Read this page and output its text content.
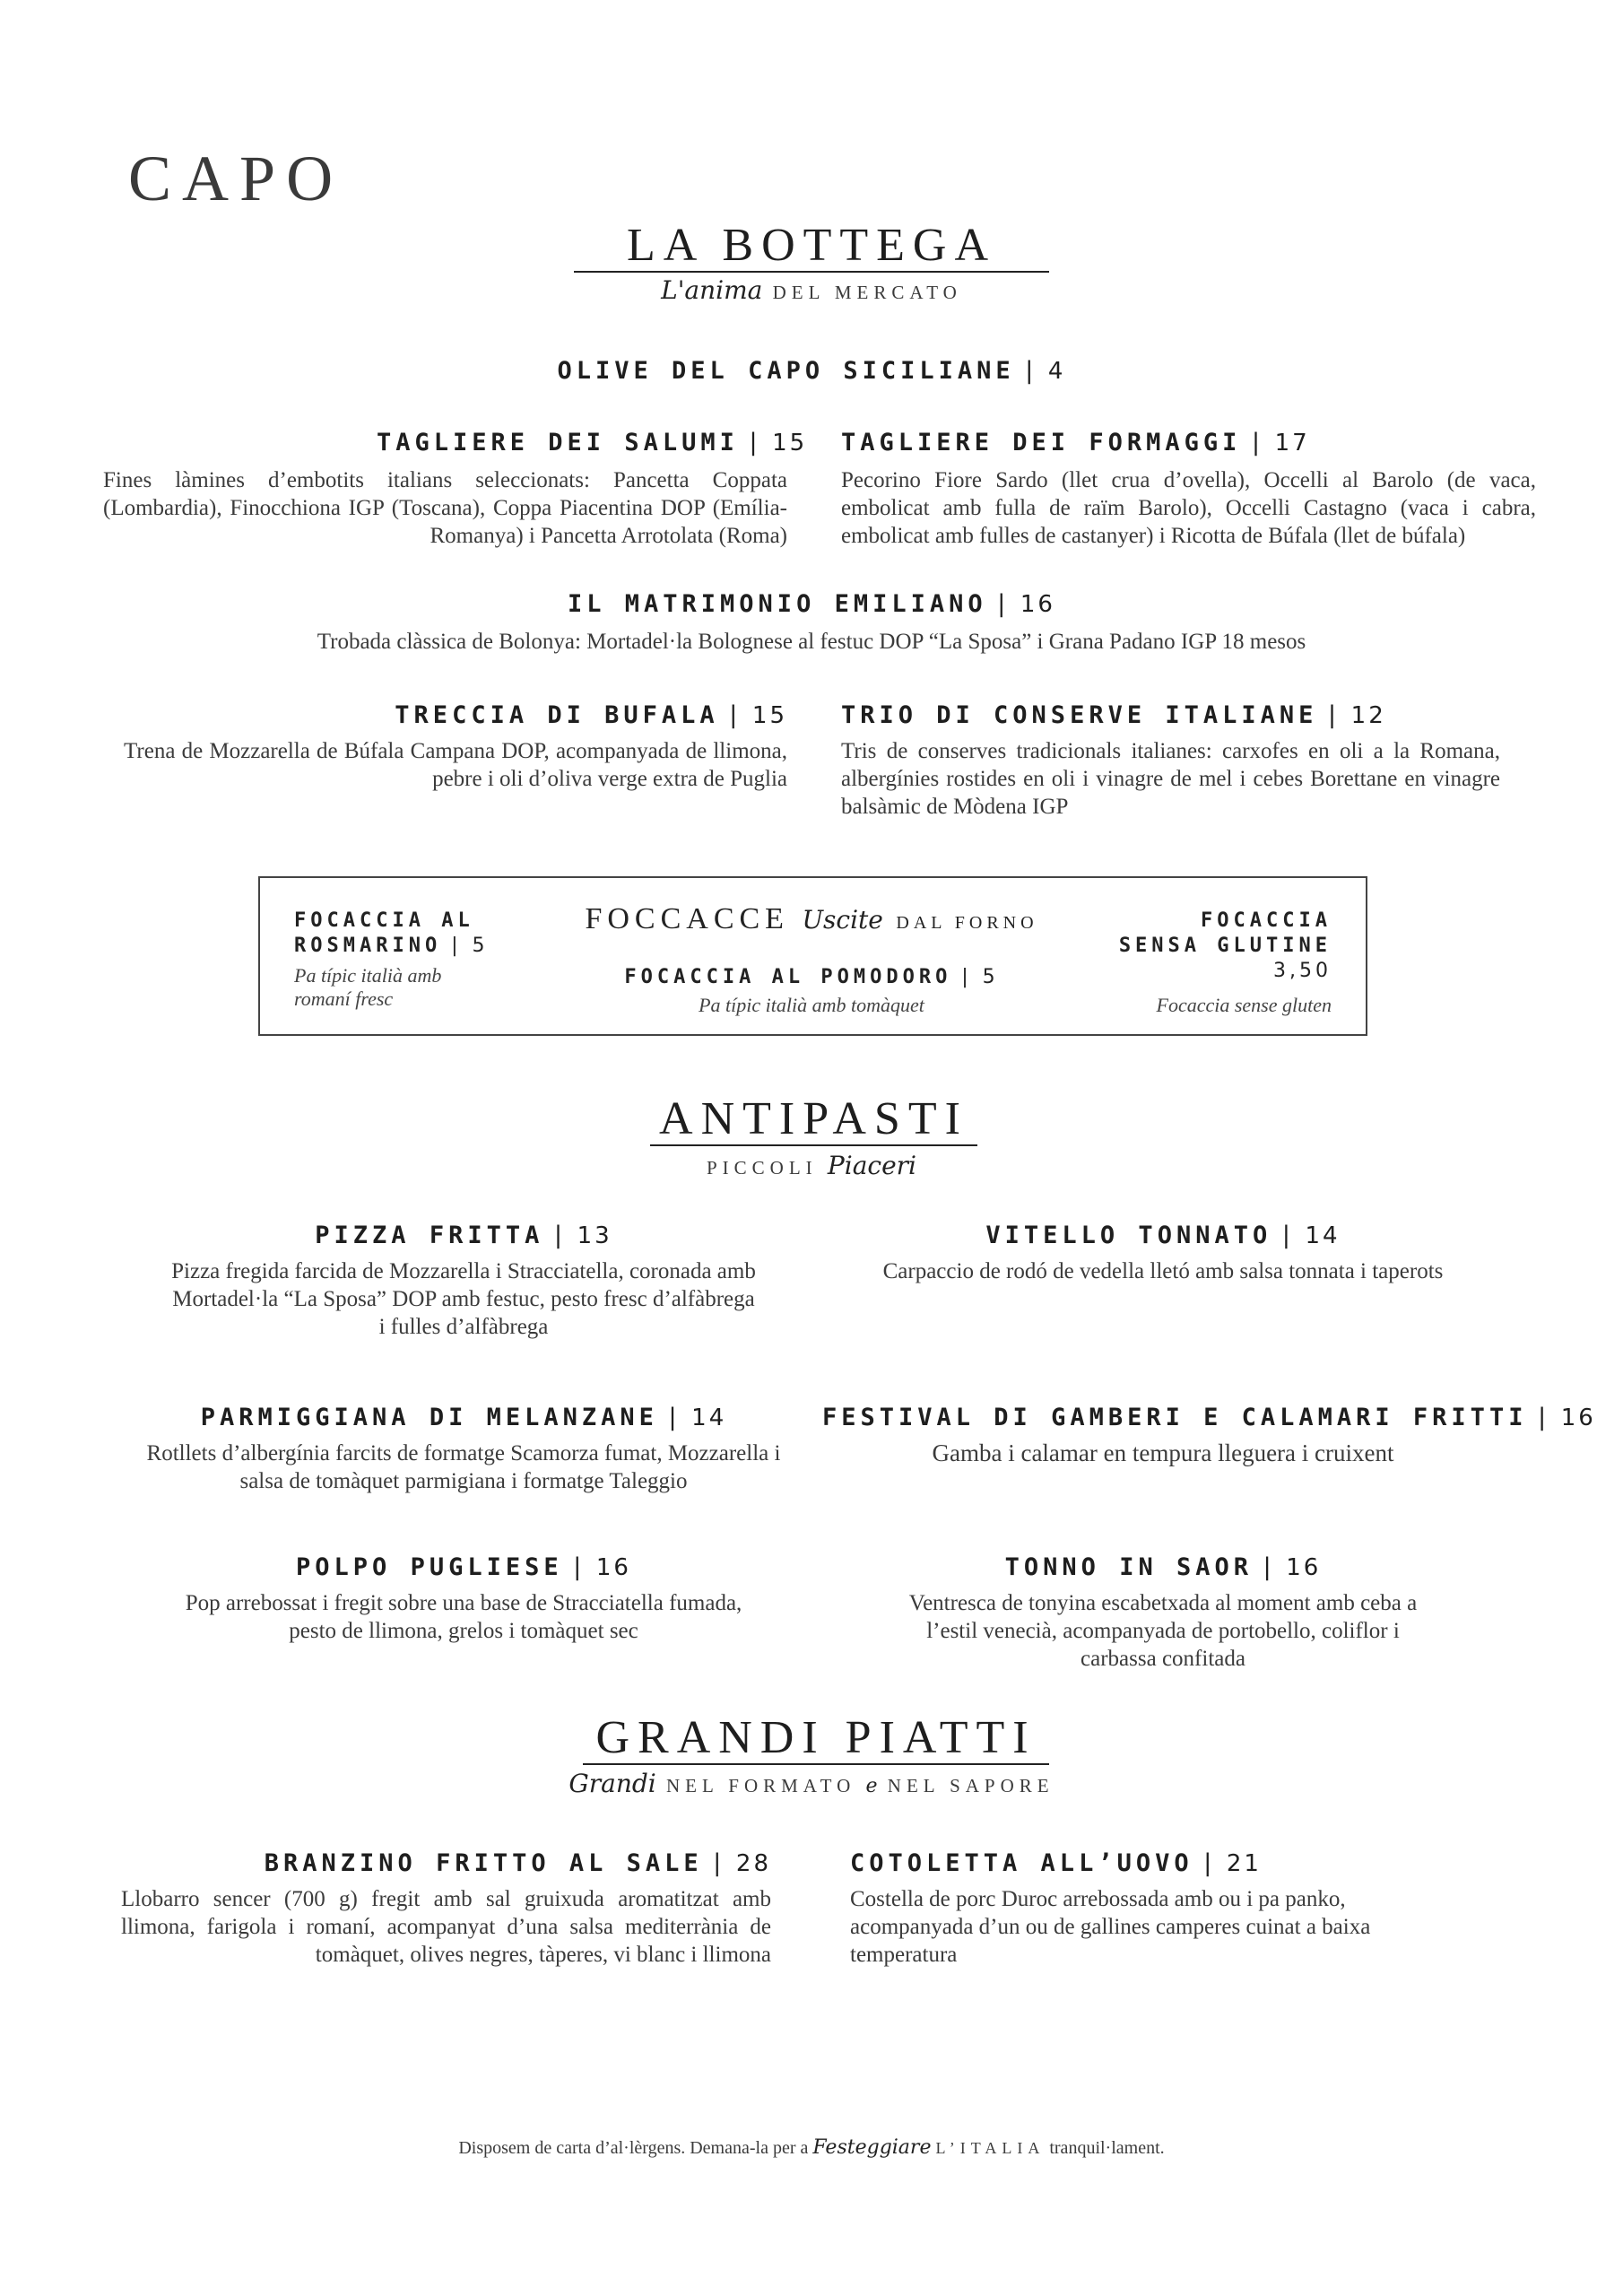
CAPO
LA BOTTEGA
L'anima DEL MERCATO
OLIVE DEL CAPO SICILIANE | 4
TAGLIERE DEI SALUMI | 15
Fines làmines d’embotits italians seleccionats: Pancetta Coppata (Lombardia), Finocchiona IGP (Toscana), Coppa Piacentina DOP (Emília-Romanya) i Pancetta Arrotolata (Roma)
TAGLIERE DEI FORMAGGI | 17
Pecorino Fiore Sardo (llet crua d’ovella), Occelli al Barolo (de vaca, embolicat amb fulla de raïm Barolo), Occelli Castagno (vaca i cabra, embolicat amb fulles de castanyer) i Ricotta de Búfala (llet de búfala)
IL MATRIMONIO EMILIANO | 16
Trobada clàssica de Bolonya: Mortadel·la Bolognese al festuc DOP “La Sposa” i Grana Padano IGP 18 mesos
TRECCIA DI BUFALA | 15
Trena de Mozzarella de Búfala Campana DOP, acompanyada de llimona, pebre i oli d’oliva verge extra de Puglia
TRIO DI CONSERVE ITALIANE | 12
Tris de conserves tradicionals italianes: carxofes en oli a la Romana, albergínies rostides en oli i vinagre de mel i cebes Borettane en vinagre balsàmic de Mòdena IGP
FOCACCIA AL
ROSMARINO | 5
Pa típic italià amb romaní fresc
FOCCACCE Uscite DAL FORNO
FOCACCIA AL POMODORO | 5
Pa típic italià amb tomàquet
FOCACCIA
SENSA GLUTINE
3,50
Focaccia sense gluten
ANTIPASTI
PICCOLI Piaceri
PIZZA FRITTA | 13
Pizza fregida farcida de Mozzarella i Stracciatella, coronada amb Mortadel·la “La Sposa” DOP amb festuc, pesto fresc d’alfàbrega i fulles d’alfàbrega
VITELLO TONNATO | 14
Carpaccio de rodó de vedella lletó amb salsa tonnata i taperots
PARMIGGIANA DI MELANZANE | 14
Rotllets d’albergínia farcits de formatge Scamorza fumat, Mozzarella i salsa de tomàquet parmigiana i formatge Taleggio
FESTIVAL DI GAMBERI E CALAMARI FRITTI | 16
Gamba i calamar en tempura lleguera i cruixent
POLPO PUGLIESE | 16
Pop arrebossat i fregit sobre una base de Stracciatella fumada, pesto de llimona, grelos i tomàquet sec
TONNO IN SAOR | 16
Ventresca de tonyina escabetxada al moment amb ceba a l’estil venecià, acompanyada de portobello, coliflor i carbassa confitada
GRANDI PIATTI
Grandi NEL FORMATO e NEL SAPORE
BRANZINO FRITTO AL SALE | 28
Llobarro sencer (700 g) fregit amb sal gruixuda aromatitzat amb llimona, farigola i romaní, acompanyat d’una salsa mediterrània de tomàquet, olives negres, tàperes, vi blanc i llimona
COTOLETTA ALL’UOVO | 21
Costella de porc Duroc arrebossada amb ou i pa panko, acompanyada d’un ou de gallines camperes cuinat a baixa temperatura
Disposem de carta d’al·lèrgens. Demana-la per a Festeggiare L’ITALIA tranquil·lament.
